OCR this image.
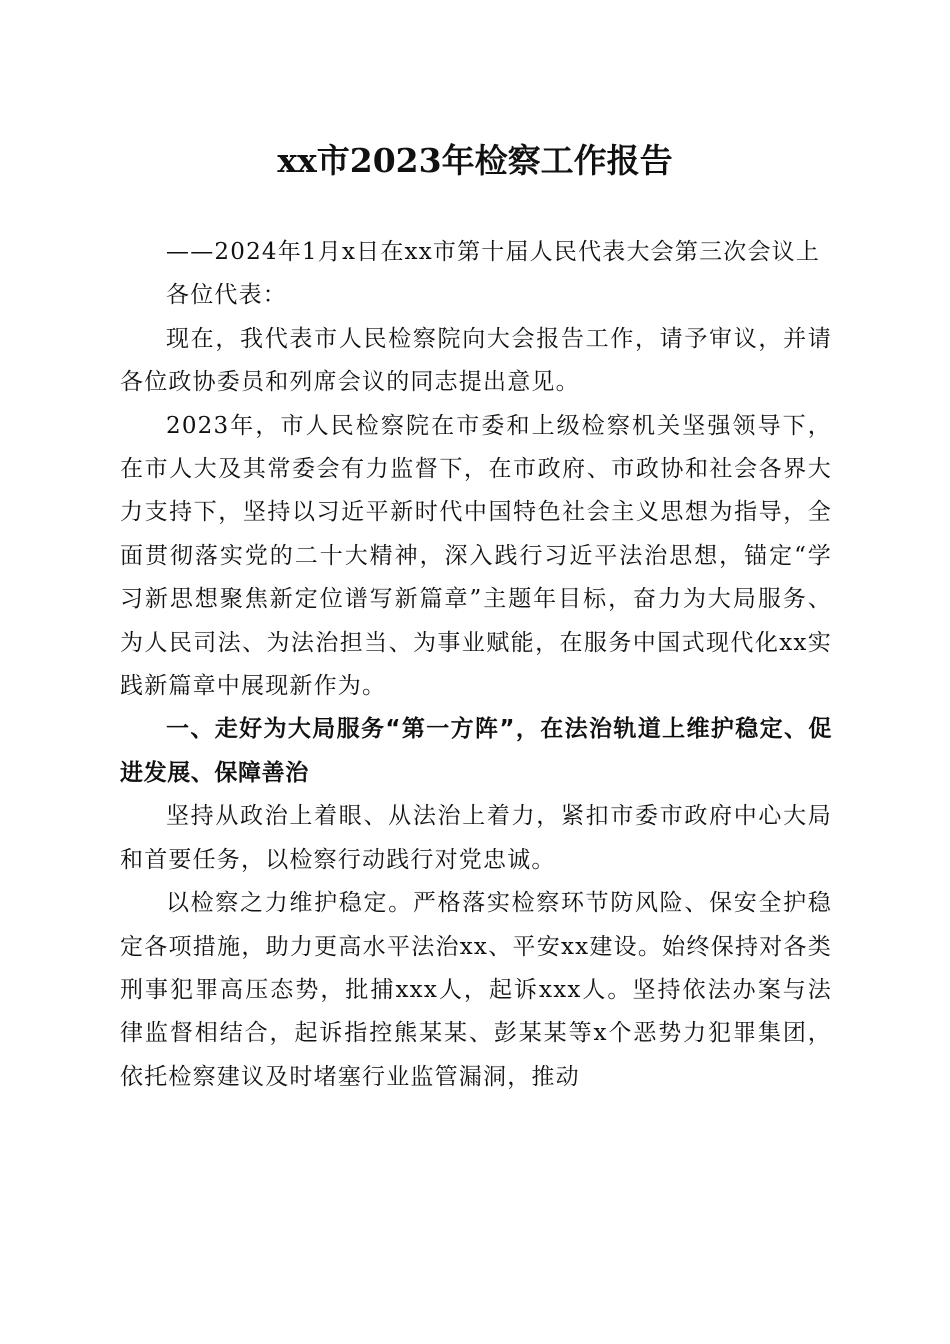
xx市2023年检察工作报告

——2024年1月x日在xx市第十届人民代表大会第三次会议上

各位代表：

现在，我代表市人民检察院向大会报告工作，请予审议，并请各位政协委员和列席会议的同志提出意见。

2023年，市人民检察院在市委和上级检察机关坚强领导下，在市人大及其常委会有力监督下，在市政府、市政协和社会各界大力支持下，坚持以习近平新时代中国特色社会主义思想为指导，全面贯彻落实党的二十大精神，深入践行习近平法治思想，锚定“学习新思想聚焦新定位谱写新篇章”主题年目标，奋力为大局服务、为人民司法、为法治担当、为事业赋能，在服务中国式现代化xx实践新篇章中展现新作为。

一、走好为大局服务“第一方阵”，在法治轨道上维护稳定、促进发展、保障善治

坚持从政治上着眼、从法治上着力，紧扣市委市政府中心大局和首要任务，以检察行动践行对党忠诚。

以检察之力维护稳定。严格落实检察环节防风险、保安全护稳定各项措施，助力更高水平法治xx、平安xx建设。始终保持对各类刑事犯罪高压态势，批捕xxx人，起诉xxx人。坚持依法办案与法律监督相结合，起诉指控熊某某、彭某某等x个恶势力犯罪集团，依托检察建议及时堵塞行业监管漏洞，推动
